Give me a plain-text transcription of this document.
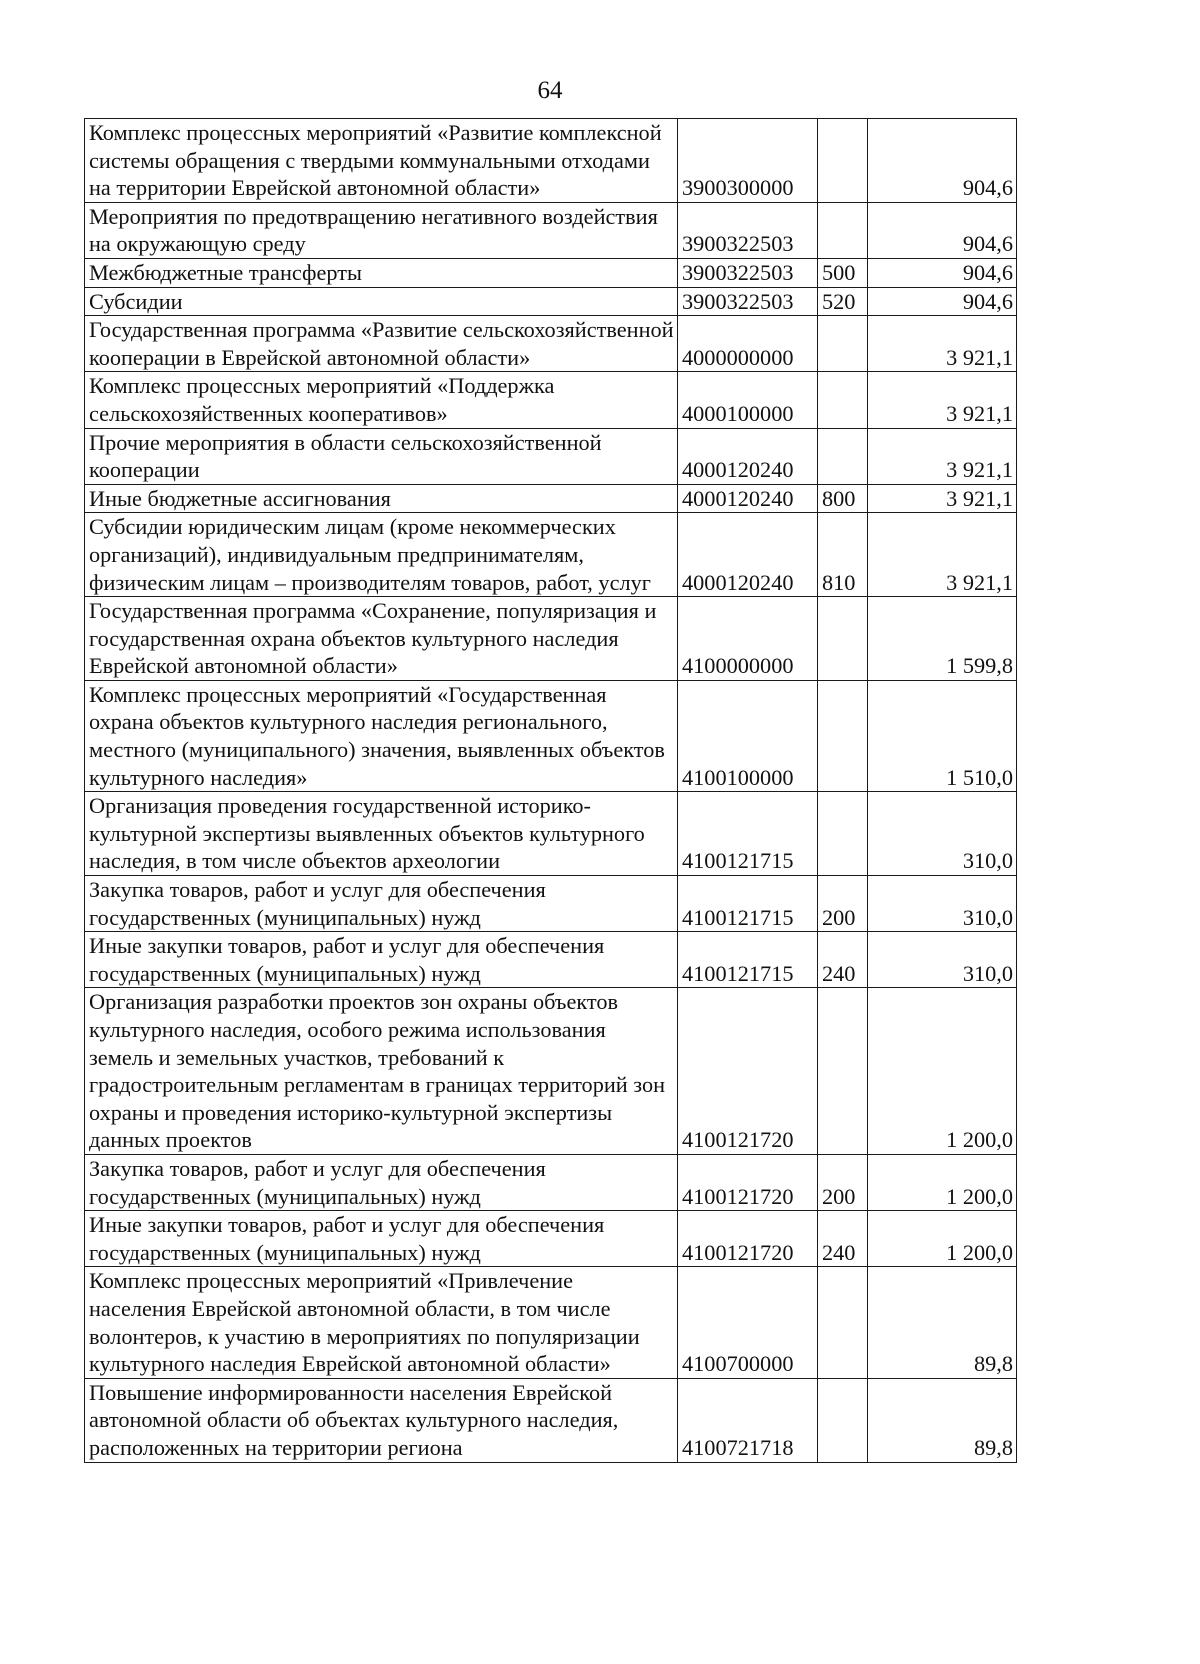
64
Комплекс процессных мероприятий «Развитие комплексной системы обращения с твердыми коммунальными отходами на территории Еврейской автономной области»	3900300000		904,6
Мероприятия по предотвращению негативного воздействия на окружающую среду	3900322503		904,6
Межбюджетные трансферты	3900322503	500	904,6
Субсидии	3900322503	520	904,6
Государственная программа «Развитие сельскохозяйственной кооперации в Еврейской автономной области»	4000000000		3 921,1
Комплекс процессных мероприятий «Поддержка сельскохозяйственных кооперативов»	4000100000		3 921,1
Прочие мероприятия в области сельскохозяйственной кооперации	4000120240		3 921,1
Иные бюджетные ассигнования	4000120240	800	3 921,1
Субсидии юридическим лицам (кроме некоммерческих организаций), индивидуальным предпринимателям, физическим лицам – производителям товаров, работ, услуг	4000120240	810	3 921,1
Государственная программа «Сохранение, популяризация и государственная охрана объектов культурного наследия Еврейской автономной области»	4100000000		1 599,8
Комплекс процессных мероприятий «Государственная охрана объектов культурного наследия регионального, местного (муниципального) значения, выявленных объектов культурного наследия»	4100100000		1 510,0
Организация проведения государственной историко-культурной экспертизы выявленных объектов культурного наследия, в том числе объектов археологии	4100121715		310,0
Закупка товаров, работ и услуг для обеспечения государственных (муниципальных) нужд	4100121715	200	310,0
Иные закупки товаров, работ и услуг для обеспечения государственных (муниципальных) нужд	4100121715	240	310,0
Организация разработки проектов зон охраны объектов культурного наследия, особого режима использования земель и земельных участков, требований к градостроительным регламентам в границах территорий зон охраны и проведения историко-культурной экспертизы данных проектов	4100121720		1 200,0
Закупка товаров, работ и услуг для обеспечения государственных (муниципальных) нужд	4100121720	200	1 200,0
Иные закупки товаров, работ и услуг для обеспечения государственных (муниципальных) нужд	4100121720	240	1 200,0
Комплекс процессных мероприятий «Привлечение населения Еврейской автономной области, в том числе волонтеров, к участию в мероприятиях по популяризации культурного наследия Еврейской автономной области»	4100700000		89,8
Повышение информированности населения Еврейской автономной области об объектах культурного наследия, расположенных на территории региона	4100721718		89,8
